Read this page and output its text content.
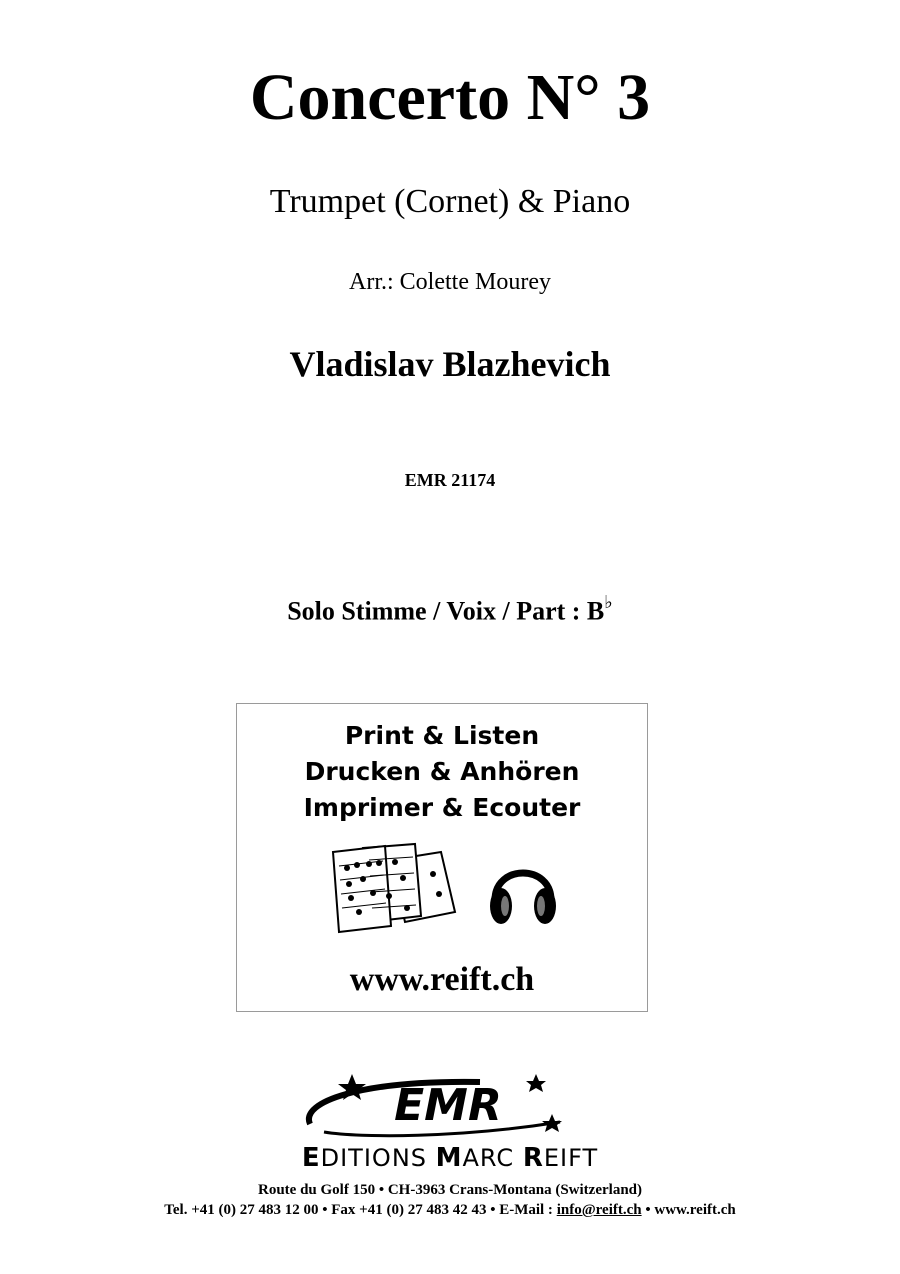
Concerto N° 3
Trumpet (Cornet) & Piano
Arr.: Colette Mourey
Vladislav Blazhevich
EMR 21174
Solo Stimme / Voix / Part : B♭
Print & Listen
Drucken & Anhören
Imprimer & Ecouter
www.reift.ch
EMR
EDITIONS MARC REIFT
Route du Golf 150 • CH-3963 Crans-Montana (Switzerland)
Tel. +41 (0) 27 483 12 00 • Fax +41 (0) 27 483 42 43 • E-Mail : info@reift.ch • www.reift.ch
